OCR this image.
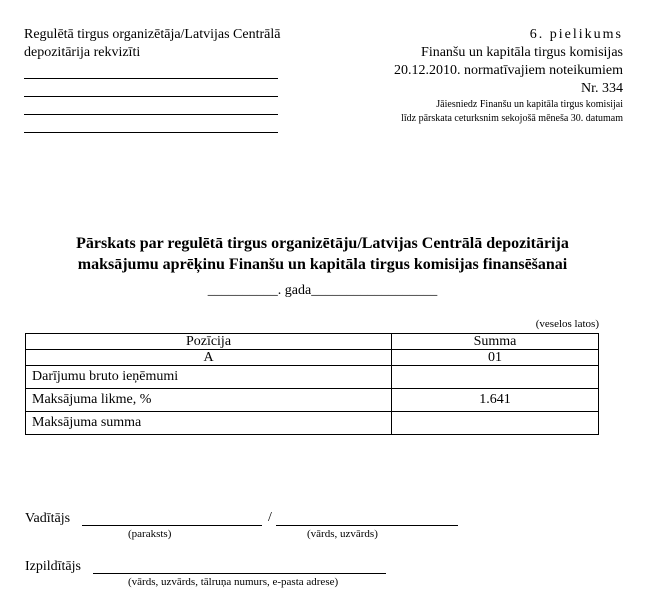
Regulētā tirgus organizētāja/Latvijas Centrālā
depozitārija rekvizīti
6. pielikums
Finanšu un kapitāla tirgus komisijas
20.12.2010. normatīvajiem noteikumiem
Nr. 334
Jāiesniedz Finanšu un kapitāla tirgus komisijai
līdz pārskata ceturksnim sekojošā mēneša 30. datumam
Pārskats par regulētā tirgus organizētāju/Latvijas Centrālā depozitārija
maksājumu aprēķinu Finanšu un kapitāla tirgus komisijas finansēšanai
__________. gada__________________
(veselos latos)
Pozīcija	Summa
A	01
Darījumu bruto ieņēmumi	
Maksājuma likme, %	1.641
Maksājuma summa	
Vadītājs	/
(paraksts)	(vārds, uzvārds)
Izpildītājs
(vārds, uzvārds, tālruņa numurs, e-pasta adrese)
